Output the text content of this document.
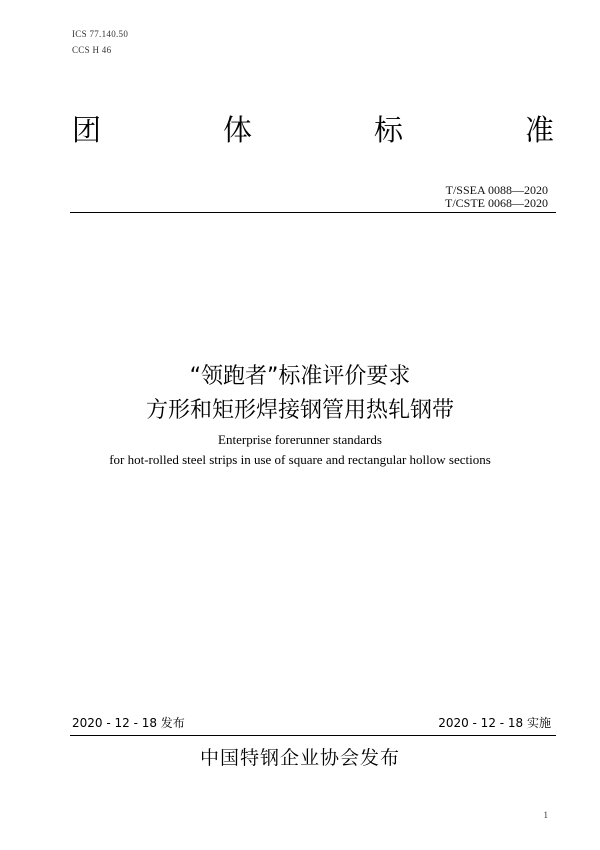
ICS 77.140.50
CCS H 46
团	体	标	准
T/SSEA 0088—2020
T/CSTE 0068—2020
“领跑者”标准评价要求
方形和矩形焊接钢管用热轧钢带
Enterprise forerunner standards
for hot-rolled steel strips in use of square and rectangular hollow sections
2020 - 12 - 18 发布	2020 - 12 - 18 实施
中国特钢企业协会发布
1
